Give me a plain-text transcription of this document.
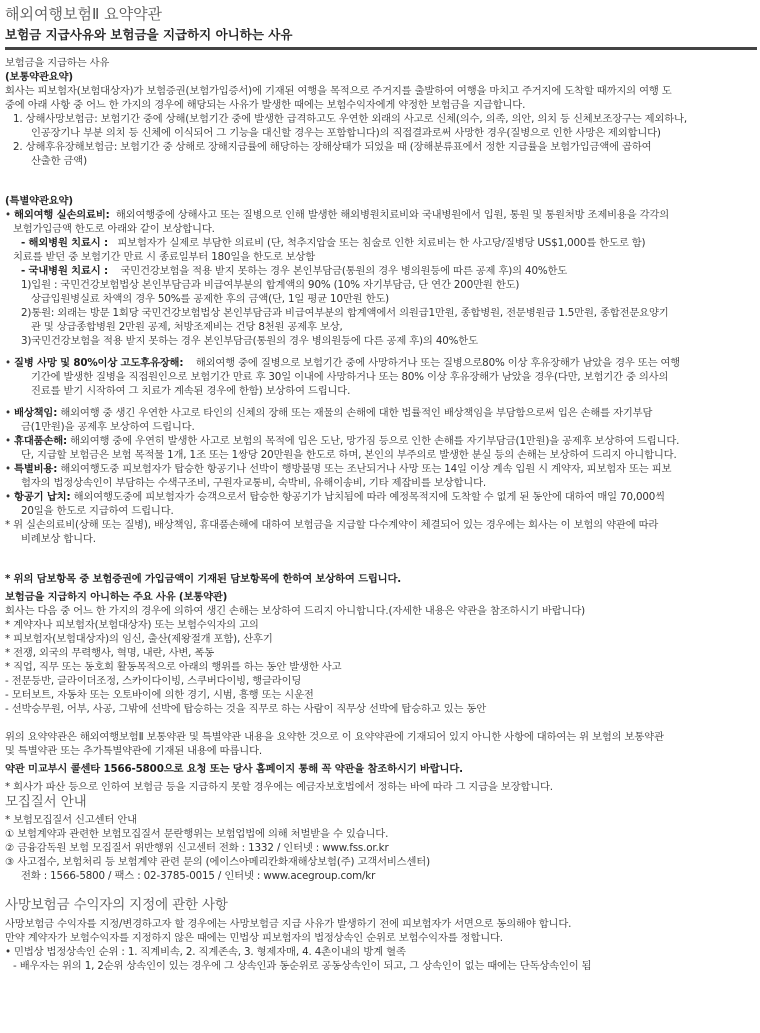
해외여행보험Ⅱ 요약약관
보험금 지급사유와 보험금을 지급하지 아니하는 사유
보험금을 지급하는 사유
(보통약관요약)
회사는 피보험자(보험대상자)가 보험증권(보험가입증서)에 기재된 여행을 목적으로 주거지를 출발하여 여행을 마치고 주거지에 도착할 때까지의 여행 도
중에 아래 사항 중 어느 한 가지의 경우에 해당되는 사유가 발생한 때에는 보험수익자에게 약정한 보험금을 지급합니다.
1. 상해사망보험금: 보험기간 중에 상해(보험기간 중에 발생한 급격하고도 우연한 외래의 사고로 신체(의수, 의족, 의안, 의치 등 신체보조장구는 제외하나,
인공장기나 부분 의치 등 신체에 이식되어 그 기능을 대신할 경우는 포함합니다)의 직접결과로써 사망한 경우(질병으로 인한 사망은 제외합니다)
2. 상해후유장해보험금: 보험기간 중 상해로 장해지급률에 해당하는 장해상태가 되었을 때 (장해분류표에서 정한 지급률을 보험가입금액에 곱하여
산출한 금액)
(특별약관요약)
• 해외여행 실손의료비: 해외여행중에 상해사고 또는 질병으로 인해 발생한 해외병원치료비와 국내병원에서 입원, 통원 및 통원처방 조제비용을 각각의
보험가입금액 한도로 아래와 같이 보상합니다.
- 해외병원 치료시 : 피보험자가 실제로 부담한 의료비 (단, 척추지압술 또는 침술로 인한 치료비는 한 사고당/질병당 US$1,000를 한도로 함)
치료를 받던 중 보험기간 만료 시 종료일부터 180일을 한도로 보상함
- 국내병원 치료시 : 국민건강보험을 적용 받지 못하는 경우 본인부담금(통원의 경우 병의원등에 따른 공제 후)의 40%한도
1)입원 : 국민건강보험법상 본인부담금과 비급여부분의 합계액의 90% (10% 자기부담금, 단 연간 200만원 한도)
상급입원병실료 차액의 경우 50%를 공제한 후의 금액(단, 1일 평균 10만원 한도)
2)통원: 외래는 방문 1회당 국민건강보험법상 본인부담금과 비급여부분의 합계액에서 의원급1만원, 종합병원, 전문병원급 1.5만원, 종합전문요양기
관 및 상급종합병원 2만원 공제, 처방조제비는 건당 8천원 공제후 보상,
3)국민건강보험을 적용 받지 못하는 경우 본인부담금(통원의 경우 병의원등에 다른 공제 후)의 40%한도
• 질병 사망 및 80%이상 고도후유장해: 해외여행 중에 질병으로 보험기간 중에 사망하거나 또는 질병으로80% 이상 후유장해가 남았을 경우 또는 여행
기간에 발생한 질병을 직접원인으로 보험기간 만료 후 30일 이내에 사망하거나 또는 80% 이상 후유장해가 남았을 경우(다만, 보험기간 중 의사의
진료를 받기 시작하여 그 치료가 계속된 경우에 한함) 보상하여 드립니다.
• 배상책임: 해외여행 중 생긴 우연한 사고로 타인의 신체의 장해 또는 재물의 손해에 대한 법률적인 배상책임을 부담함으로써 입은 손해를 자기부담
금(1만원)을 공제후 보상하여 드립니다.
• 휴대품손해: 해외여행 중에 우연히 발생한 사고로 보험의 목적에 입은 도난, 망가짐 등으로 인한 손해를 자기부담금(1만원)을 공제후 보상하여 드립니다.
단, 지급할 보험금은 보험 목적물 1개, 1조 또는 1쌍당 20만원을 한도로 하며, 본인의 부주의로 발생한 분실 등의 손해는 보상하여 드리지 아니합니다.
• 특별비용: 해외여행도중 피보험자가 탑승한 항공기나 선박이 행방불명 또는 조난되거나 사망 또는 14일 이상 계속 입원 시 계약자, 피보험자 또는 피보
험자의 법정상속인이 부담하는 수색구조비, 구원자교통비, 숙박비, 유해이송비, 기타 제잡비를 보상합니다.
• 항공기 납치: 해외여행도중에 피보험자가 승객으로서 탑승한 항공기가 납치됨에 따라 예정목적지에 도착할 수 없게 된 동안에 대하여 매일 70,000씩
20일을 한도로 지급하여 드립니다.
* 위 실손의료비(상해 또는 질병), 배상책임, 휴대품손해에 대하여 보험금을 지급할 다수계약이 체결되어 있는 경우에는 회사는 이 보험의 약관에 따라
비례보상 합니다.
* 위의 담보항목 중 보험증권에 가입금액이 기재된 담보항목에 한하여 보상하여 드립니다.
보험금을 지급하지 아니하는 주요 사유 (보통약관)
회사는 다음 중 어느 한 가지의 경우에 의하여 생긴 손해는 보상하여 드리지 아니합니다.(자세한 내용은 약관을 참조하시기 바랍니다)
* 계약자나 피보험자(보험대상자) 또는 보험수익자의 고의
* 피보험자(보험대상자)의 임신, 출산(제왕절개 포함), 산후기
* 전쟁, 외국의 무력행사, 혁명, 내란, 사변, 폭동
* 직업, 직무 또는 동호회 활동목적으로 아래의 행위를 하는 동안 발생한 사고
- 전문등반, 글라이더조정, 스카이다이빙, 스쿠버다이빙, 행글라이딩
- 모터보트, 자동차 또는 오토바이에 의한 경기, 시범, 흥행 또는 시운전
- 선박승무원, 어부, 사공, 그밖에 선박에 탑승하는 것을 직무로 하는 사람이 직무상 선박에 탑승하고 있는 동안
위의 요약약관은 해외여행보험Ⅱ 보통약관 및 특별약관 내용을 요약한 것으로 이 요약약관에 기재되어 있지 아니한 사항에 대하여는 위 보험의 보통약관
및 특별약관 또는 추가특별약관에 기재된 내용에 따릅니다.
약관 미교부시 콜센타 1566-5800으로 요청 또는 당사 홈페이지 통해 꼭 약관을 참조하시기 바랍니다.
* 회사가 파산 등으로 인하여 보험금 등을 지급하지 못할 경우에는 예금자보호법에서 정하는 바에 따라 그 지급을 보장합니다.
모집질서 안내
* 보험모집질서 신고센터 안내
① 보험계약과 관련한 보험모집질서 문란행위는 보험업법에 의해 처벌받을 수 있습니다.
② 금융감독원 보험 모집질서 위반행위 신고센터 전화 : 1332 / 인터넷 : www.fss.or.kr
③ 사고접수, 보험처리 등 보험계약 관련 문의 (에이스아메리칸화재해상보험(주) 고객서비스센터)
전화 : 1566-5800 / 팩스 : 02-3785-0015 / 인터넷 : www.acegroup.com/kr
사망보험금 수익자의 지정에 관한 사항
사망보험금 수익자를 지정/변경하고자 할 경우에는 사망보험금 지급 사유가 발생하기 전에 피보험자가 서면으로 동의해야 합니다.
만약 계약자가 보험수익자를 지정하지 않은 때에는 민법상 피보험자의 법정상속인 순위로 보험수익자를 정합니다.
• 민법상 법정상속인 순위 : 1. 직계비속, 2. 직계존속, 3. 형제자매, 4. 4촌이내의 방계 혈족
- 배우자는 위의 1, 2순위 상속인이 있는 경우에 그 상속인과 동순위로 공동상속인이 되고, 그 상속인이 없는 때에는 단독상속인이 됨
